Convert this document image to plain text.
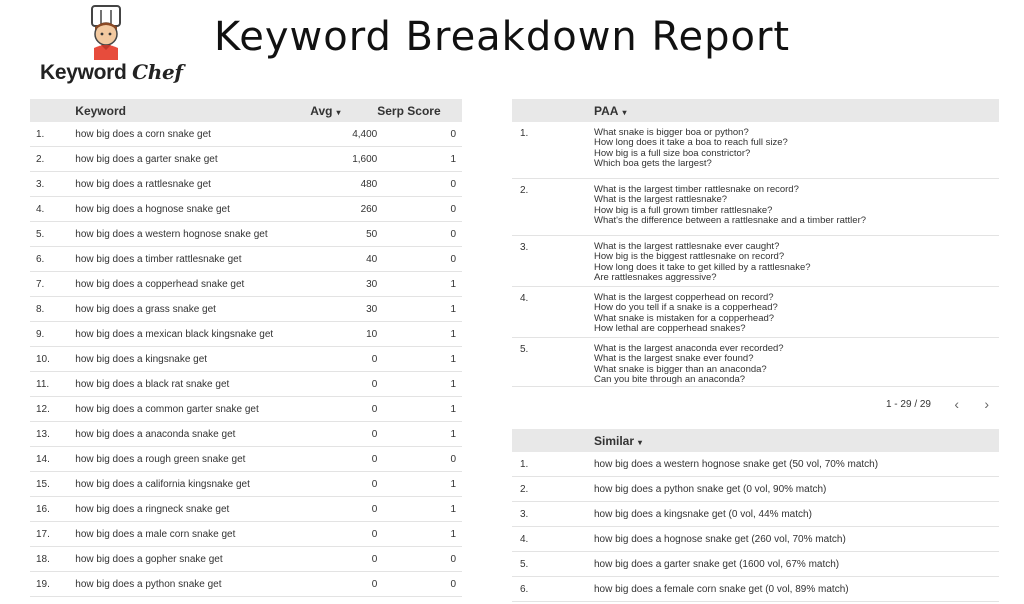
Keyword Chef
Keyword Breakdown Report
	Keyword	Avg ▾	Serp Score
1.	how big does a corn snake get	4,400	0
2.	how big does a garter snake get	1,600	1
3.	how big does a rattlesnake get	480	0
4.	how big does a hognose snake get	260	0
5.	how big does a western hognose snake get	50	0
6.	how big does a timber rattlesnake get	40	0
7.	how big does a copperhead snake get	30	1
8.	how big does a grass snake get	30	1
9.	how big does a mexican black kingsnake get	10	1
10.	how big does a kingsnake get	0	1
11.	how big does a black rat snake get	0	1
12.	how big does a common garter snake get	0	1
13.	how big does a anaconda snake get	0	1
14.	how big does a rough green snake get	0	0
15.	how big does a california kingsnake get	0	1
16.	how big does a ringneck snake get	0	1
17.	how big does a male corn snake get	0	1
18.	how big does a gopher snake get	0	0
19.	how big does a python snake get	0	0
PAA ▾
1.	What snake is bigger boa or python?
How long does it take a boa to reach full size?
How big is a full size boa constrictor?
Which boa gets the largest?
2.	What is the largest timber rattlesnake on record?
What is the largest rattlesnake?
How big is a full grown timber rattlesnake?
What's the difference between a rattlesnake and a timber rattler?
3.	What is the largest rattlesnake ever caught?
How big is the biggest rattlesnake on record?
How long does it take to get killed by a rattlesnake?
Are rattlesnakes aggressive?
4.	What is the largest copperhead on record?
How do you tell if a snake is a copperhead?
What snake is mistaken for a copperhead?
How lethal are copperhead snakes?
5.	What is the largest anaconda ever recorded?
What is the largest snake ever found?
What snake is bigger than an anaconda?
Can you bite through an anaconda?
1 - 29 / 29 ‹ ›
Similar ▾
1.	how big does a western hognose snake get (50 vol, 70% match)
2.	how big does a python snake get (0 vol, 90% match)
3.	how big does a kingsnake get (0 vol, 44% match)
4.	how big does a hognose snake get (260 vol, 70% match)
5.	how big does a garter snake get (1600 vol, 67% match)
6.	how big does a female corn snake get (0 vol, 89% match)
